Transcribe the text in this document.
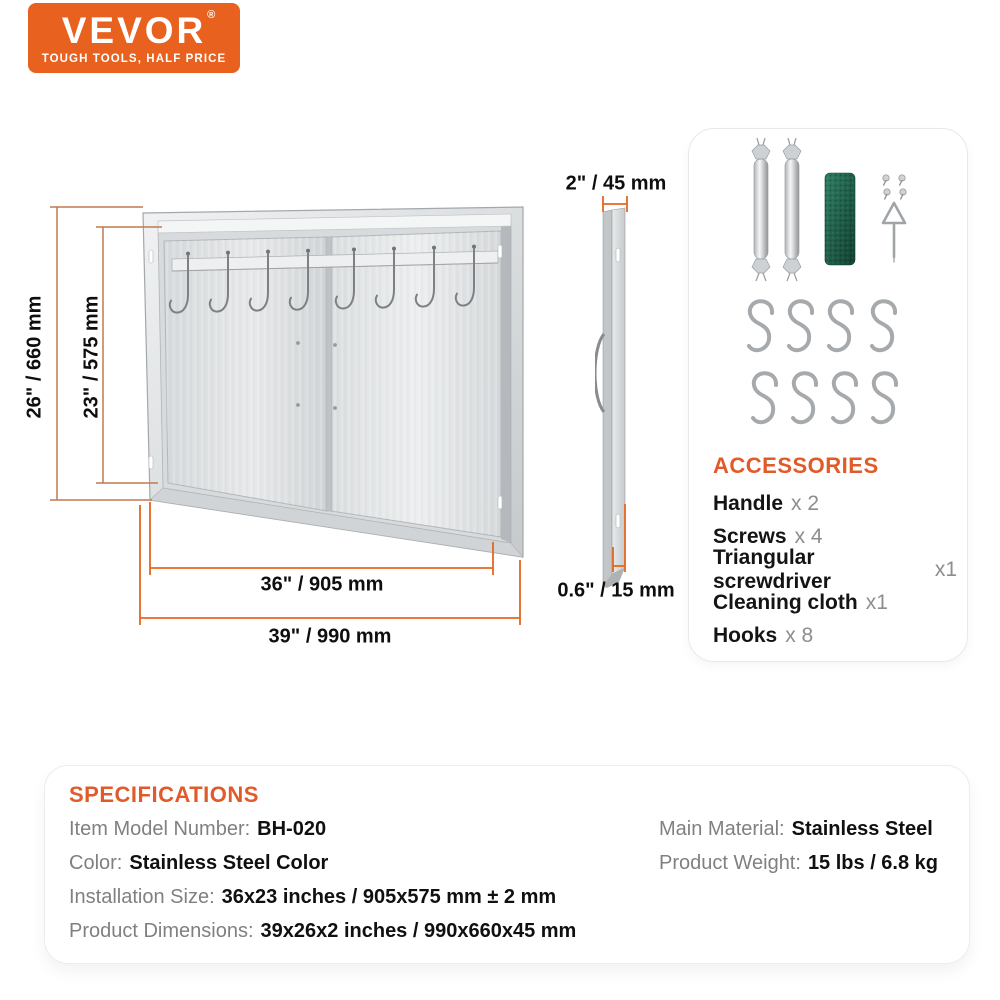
VEVOR ®
TOUGH TOOLS, HALF PRICE
26" / 660 mm 23" / 575 mm
36" / 905 mm
39" / 990 mm
2" / 45 mm
0.6" / 15 mm
ACCESSORIES
Handle x 2
Screws x 4
Triangular screwdriver
x1
Cleaning cloth x1
Hooks x 8
SPECIFICATIONS
Item Model Number: BH-020
Color: Stainless Steel Color
Installation Size: 36x23 inches / 905x575 mm ± 2 mm
Product Dimensions: 39x26x2 inches / 990x660x45 mm
Main Material: Stainless Steel
Product Weight: 15 lbs / 6.8 kg
